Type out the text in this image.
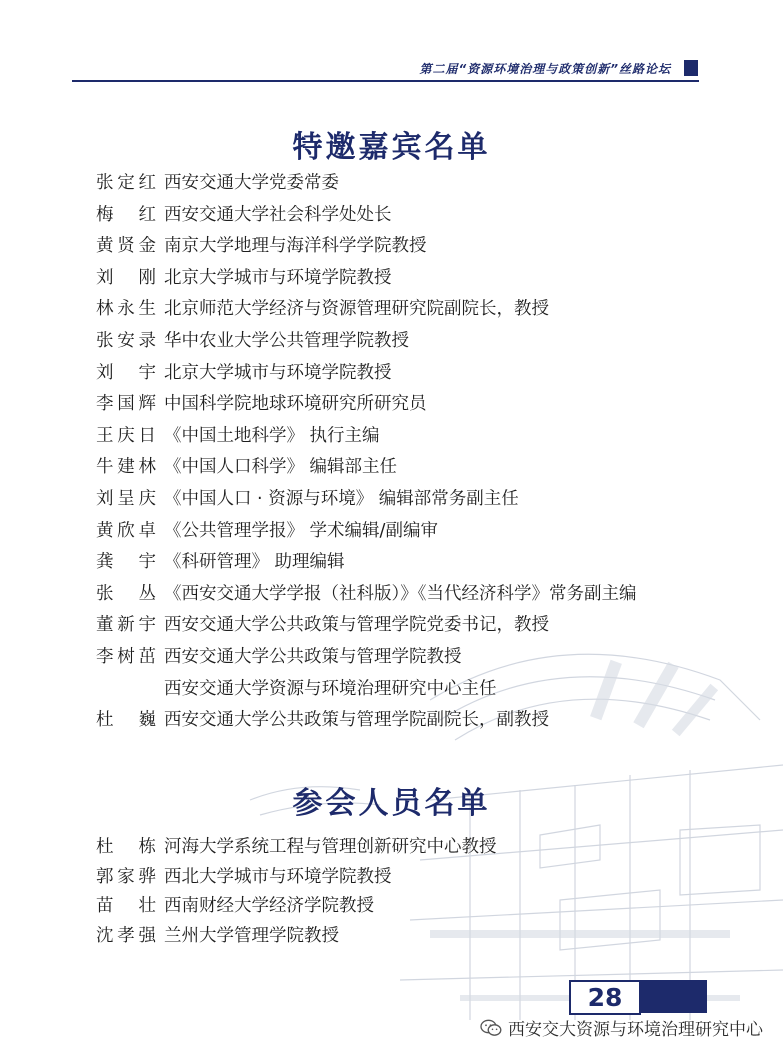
第二届“资源环境治理与政策创新”丝路论坛
特邀嘉宾名单
张定红 西安交通大学党委常委
梅红 西安交通大学社会科学处处长
黄贤金 南京大学地理与海洋科学学院教授
刘刚 北京大学城市与环境学院教授
林永生 北京师范大学经济与资源管理研究院副院长，教授
张安录 华中农业大学公共管理学院教授
刘宇 北京大学城市与环境学院教授
李国辉 中国科学院地球环境研究所研究员
王庆日 《中国土地科学》 执行主编
牛建林 《中国人口科学》 编辑部主任
刘呈庆 《中国人口 · 资源与环境》 编辑部常务副主任
黄欣卓 《公共管理学报》 学术编辑/副编审
龚宇 《科研管理》 助理编辑
张丛 《西安交通大学学报（社科版）》《当代经济科学》常务副主编
董新宇 西安交通大学公共政策与管理学院党委书记，教授
李树茁 西安交通大学公共政策与管理学院教授
西安交通大学资源与环境治理研究中心主任
杜巍 西安交通大学公共政策与管理学院副院长，副教授
参会人员名单
杜栋 河海大学系统工程与管理创新研究中心教授
郭家骅 西北大学城市与环境学院教授
苗壮 西南财经大学经济学院教授
沈孝强 兰州大学管理学院教授
28
西安交大资源与环境治理研究中心
